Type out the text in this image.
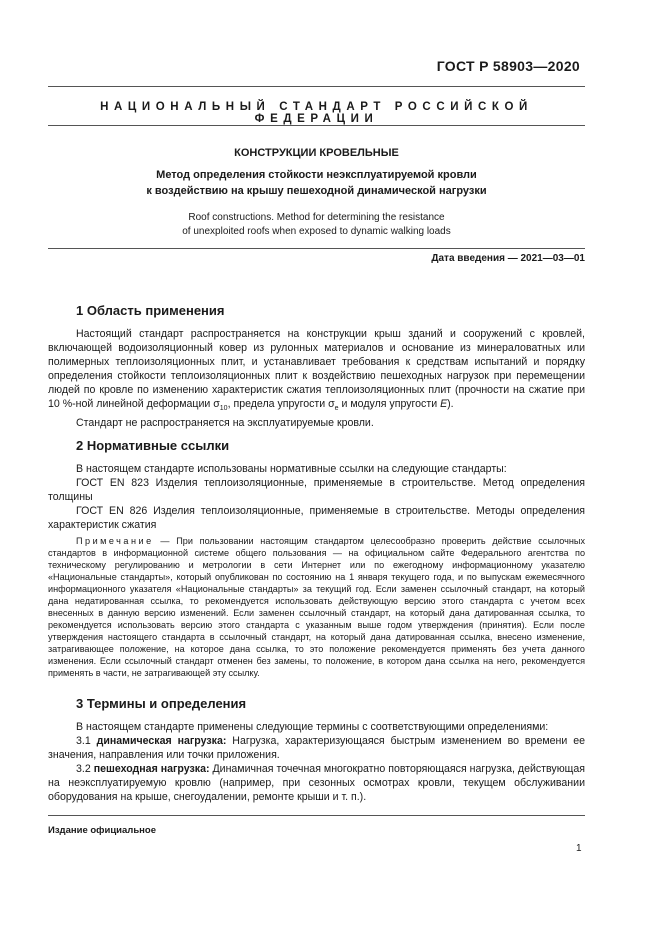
ГОСТ Р 58903—2020
НАЦИОНАЛЬНЫЙ СТАНДАРТ РОССИЙСКОЙ ФЕДЕРАЦИИ
КОНСТРУКЦИИ КРОВЕЛЬНЫЕ
Метод определения стойкости неэксплуатируемой кровли
к воздействию на крышу пешеходной динамической нагрузки
Roof constructions. Method for determining the resistance
of unexploited roofs when exposed to dynamic walking loads
Дата введения — 2021—03—01
1 Область применения

Настоящий стандарт распространяется на конструкции крыш зданий и сооружений с кровлей, включающей водоизоляционный ковер из рулонных материалов и основание из минераловатных или полимерных теплоизоляционных плит, и устанавливает требования к средствам испытаний и порядку определения стойкости теплоизоляционных плит к воздействию пешеходных нагрузок при перемещении людей по кровле по изменению характеристик сжатия теплоизоляционных плит (прочности на сжатие при 10 %-ной линейной деформации $\sigma_{10}$, предела упругости $\sigma_e$ и модуля упругости E).

Стандарт не распространяется на эксплуатируемые кровли.

2 Нормативные ссылки

В настоящем стандарте использованы нормативные ссылки на следующие стандарты:

ГОСТ EN 823 Изделия теплоизоляционные, применяемые в строительстве. Метод определения толщины

ГОСТ EN 826 Изделия теплоизоляционные, применяемые в строительстве. Методы определения характеристик сжатия

Примечание — При пользовании настоящим стандартом целесообразно проверить действие ссылочных стандартов в информационной системе общего пользования — на официальном сайте Федерального агентства по техническому регулированию и метрологии в сети Интернет или по ежегодному информационному указателю «Национальные стандарты», который опубликован по состоянию на 1 января текущего года, и по выпускам ежемесячного информационного указателя «Национальные стандарты» за текущий год. Если заменен ссылочный стандарт, на который дана недатированная ссылка, то рекомендуется использовать действующую версию этого стандарта с учетом всех внесенных в данную версию изменений. Если заменен ссылочный стандарт, на который дана датированная ссылка, то рекомендуется использовать версию этого стандарта с указанным выше годом утверждения (принятия). Если после утверждения настоящего стандарта в ссылочный стандарт, на который дана датированная ссылка, внесено изменение, затрагивающее положение, на которое дана ссылка, то это положение рекомендуется применять без учета данного изменения. Если ссылочный стандарт отменен без замены, то положение, в котором дана ссылка на него, рекомендуется применять в части, не затрагивающей эту ссылку.

3 Термины и определения

В настоящем стандарте применены следующие термины с соответствующими определениями:

3.1 динамическая нагрузка: Нагрузка, характеризующаяся быстрым изменением во времени ее значения, направления или точки приложения.

3.2 пешеходная нагрузка: Динамичная точечная многократно повторяющаяся нагрузка, действующая на неэксплуатируемую кровлю (например, при сезонных осмотрах кровли, текущем обслуживании оборудования на крыше, снегоудалении, ремонте крыши и т. п.).

Издание официальное
1
